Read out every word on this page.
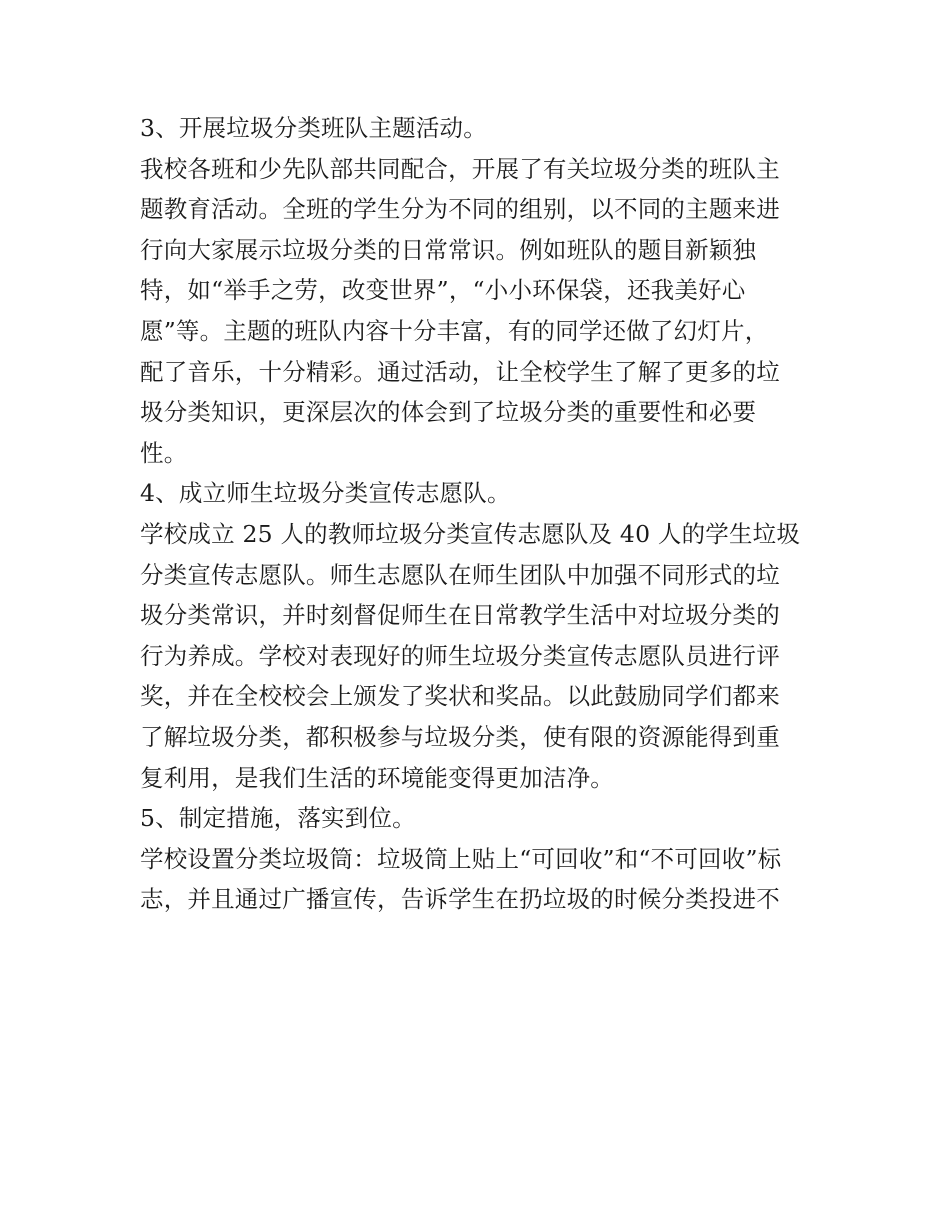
3、开展垃圾分类班队主题活动。
我校各班和少先队部共同配合，开展了有关垃圾分类的班队主
题教育活动。全班的学生分为不同的组别，以不同的主题来进
行向大家展示垃圾分类的日常常识。例如班队的题目新颖独
特，如“举手之劳，改变世界”，“小小环保袋，还我美好心
愿”等。主题的班队内容十分丰富，有的同学还做了幻灯片，
配了音乐，十分精彩。通过活动，让全校学生了解了更多的垃
圾分类知识，更深层次的体会到了垃圾分类的重要性和必要
性。
4、成立师生垃圾分类宣传志愿队。
学校成立 25 人的教师垃圾分类宣传志愿队及 40 人的学生垃圾
分类宣传志愿队。师生志愿队在师生团队中加强不同形式的垃
圾分类常识，并时刻督促师生在日常教学生活中对垃圾分类的
行为养成。学校对表现好的师生垃圾分类宣传志愿队员进行评
奖，并在全校校会上颁发了奖状和奖品。以此鼓励同学们都来
了解垃圾分类，都积极参与垃圾分类，使有限的资源能得到重
复利用，是我们生活的环境能变得更加洁净。
5、制定措施，落实到位。
学校设置分类垃圾筒：垃圾筒上贴上“可回收”和“不可回收”标
志，并且通过广播宣传，告诉学生在扔垃圾的时候分类投进不
